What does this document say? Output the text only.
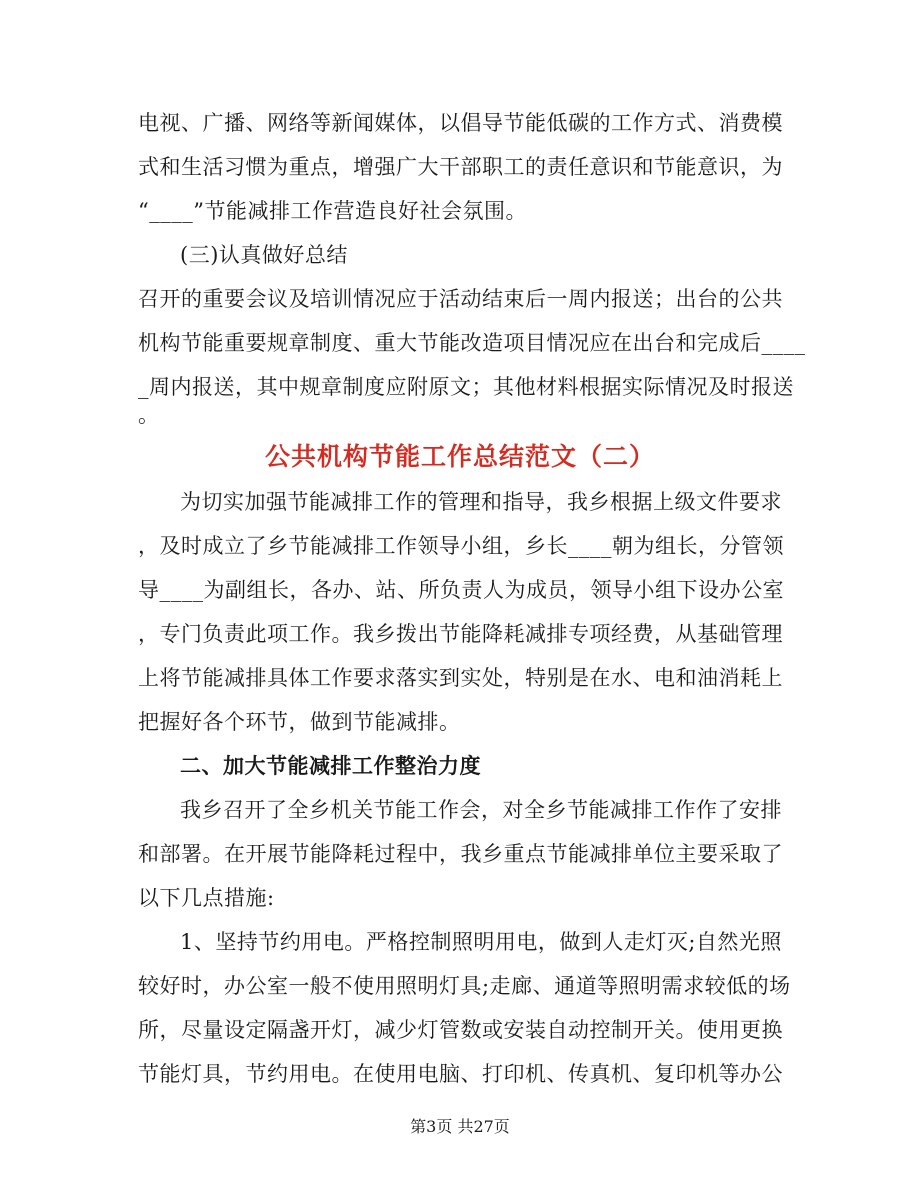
电视、广播、网络等新闻媒体，以倡导节能低碳的工作方式、消费模
式和生活习惯为重点，增强广大干部职工的责任意识和节能意识，为
“____”节能减排工作营造良好社会氛围。
(三)认真做好总结
召开的重要会议及培训情况应于活动结束后一周内报送；出台的公共
机构节能重要规章制度、重大节能改造项目情况应在出台和完成后____
_周内报送，其中规章制度应附原文；其他材料根据实际情况及时报送
。
公共机构节能工作总结范文（二）
为切实加强节能减排工作的管理和指导，我乡根据上级文件要求
，及时成立了乡节能减排工作领导小组，乡长____朝为组长，分管领
导____为副组长，各办、站、所负责人为成员，领导小组下设办公室
，专门负责此项工作。我乡拨出节能降耗减排专项经费，从基础管理
上将节能减排具体工作要求落实到实处，特别是在水、电和油消耗上
把握好各个环节，做到节能减排。
二、加大节能减排工作整治力度
我乡召开了全乡机关节能工作会，对全乡节能减排工作作了安排
和部署。在开展节能降耗过程中，我乡重点节能减排单位主要采取了
以下几点措施:
1、坚持节约用电。严格控制照明用电，做到人走灯灭;自然光照
较好时，办公室一般不使用照明灯具;走廊、通道等照明需求较低的场
所，尽量设定隔盏开灯，减少灯管数或安装自动控制开关。使用更换
节能灯具，节约用电。在使用电脑、打印机、传真机、复印机等办公
第3页 共27页
